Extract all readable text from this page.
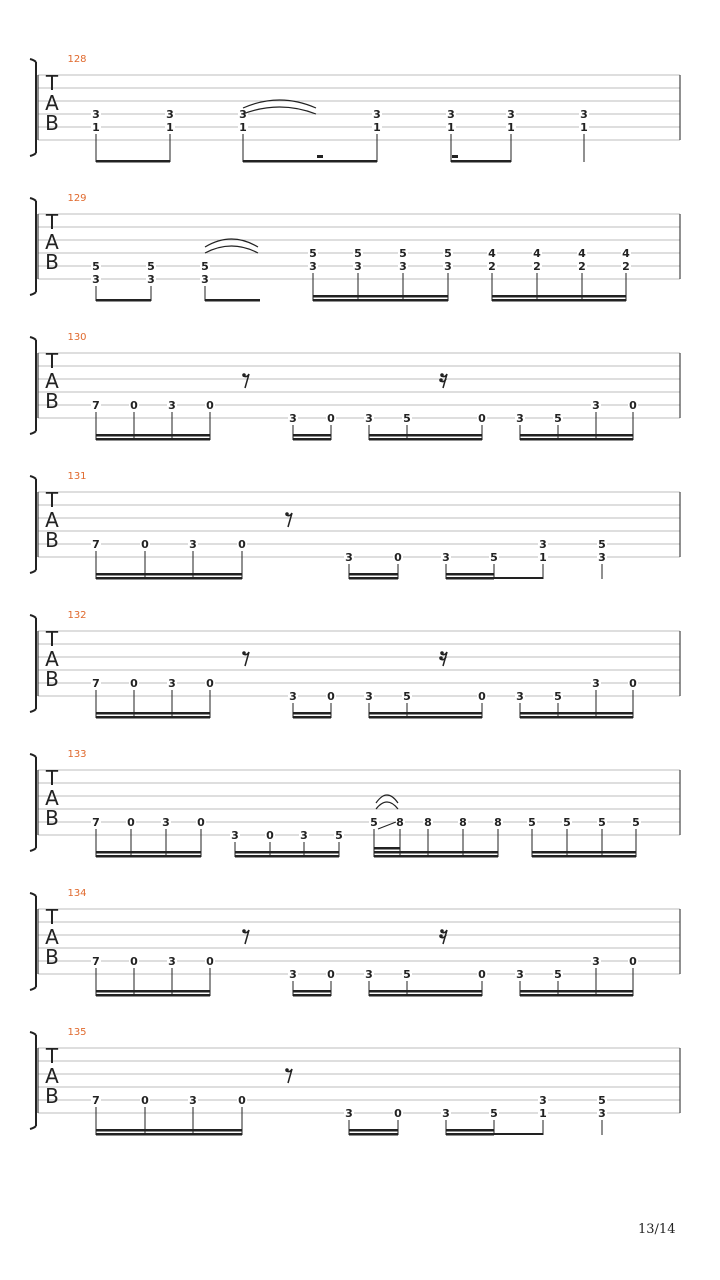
128
T
A
B	3
1
3
1
3
1
3
1
3
1
3
1
3
1
129
T
A
B	5
3
5
3
5
3
5
3
5
3
5
3
5
3
4
2
4
2
4
2
4
2
130
T
A
B	7	0	3	0
3	0	3	5	0	3	5
3	0
131
T
A
B	7	0	3	0
3	0	3	5
3
1
5
3
132
T
A
B	7	0	3	0
3	0	3	5	0	3	5
3	0
133
T
A
B	7 0 3 0
3 0 3 5
5 8 8 8 8 5 5 5 5
134
T
A
B	7	0	3	0
3	0	3	5	0	3	5
3	0
135
T
A
B	7	0	3	0
3	0	3	5
3
1
5
3
13/14
